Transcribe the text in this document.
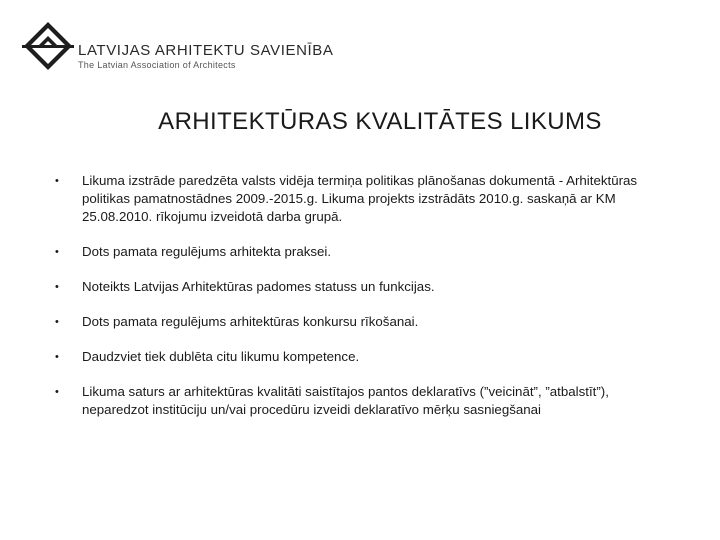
LATVIJAS ARHITEKTU SAVIENĪBA
The Latvian Association of Architects
ARHITEKTŪRAS KVALITĀTES LIKUMS
• Likuma izstrāde paredzēta valsts vidēja termiņa politikas plānošanas dokumentā - Arhitektūras politikas pamatnostādnes 2009.-2015.g. Likuma projekts izstrādāts 2010.g. saskaņā ar KM 25.08.2010. rīkojumu izveidotā darba grupā.
• Dots pamata regulējums arhitekta praksei.
• Noteikts Latvijas Arhitektūras padomes statuss un funkcijas.
• Dots pamata regulējums arhitektūras konkursu rīkošanai.
• Daudzviet tiek dublēta citu likumu kompetence.
• Likuma saturs ar arhitektūras kvalitāti saistītajos pantos deklaratīvs (”veicināt”, ”atbalstīt”), neparedzot institūciju un/vai procedūru izveidi deklaratīvo mērķu sasniegšanai
